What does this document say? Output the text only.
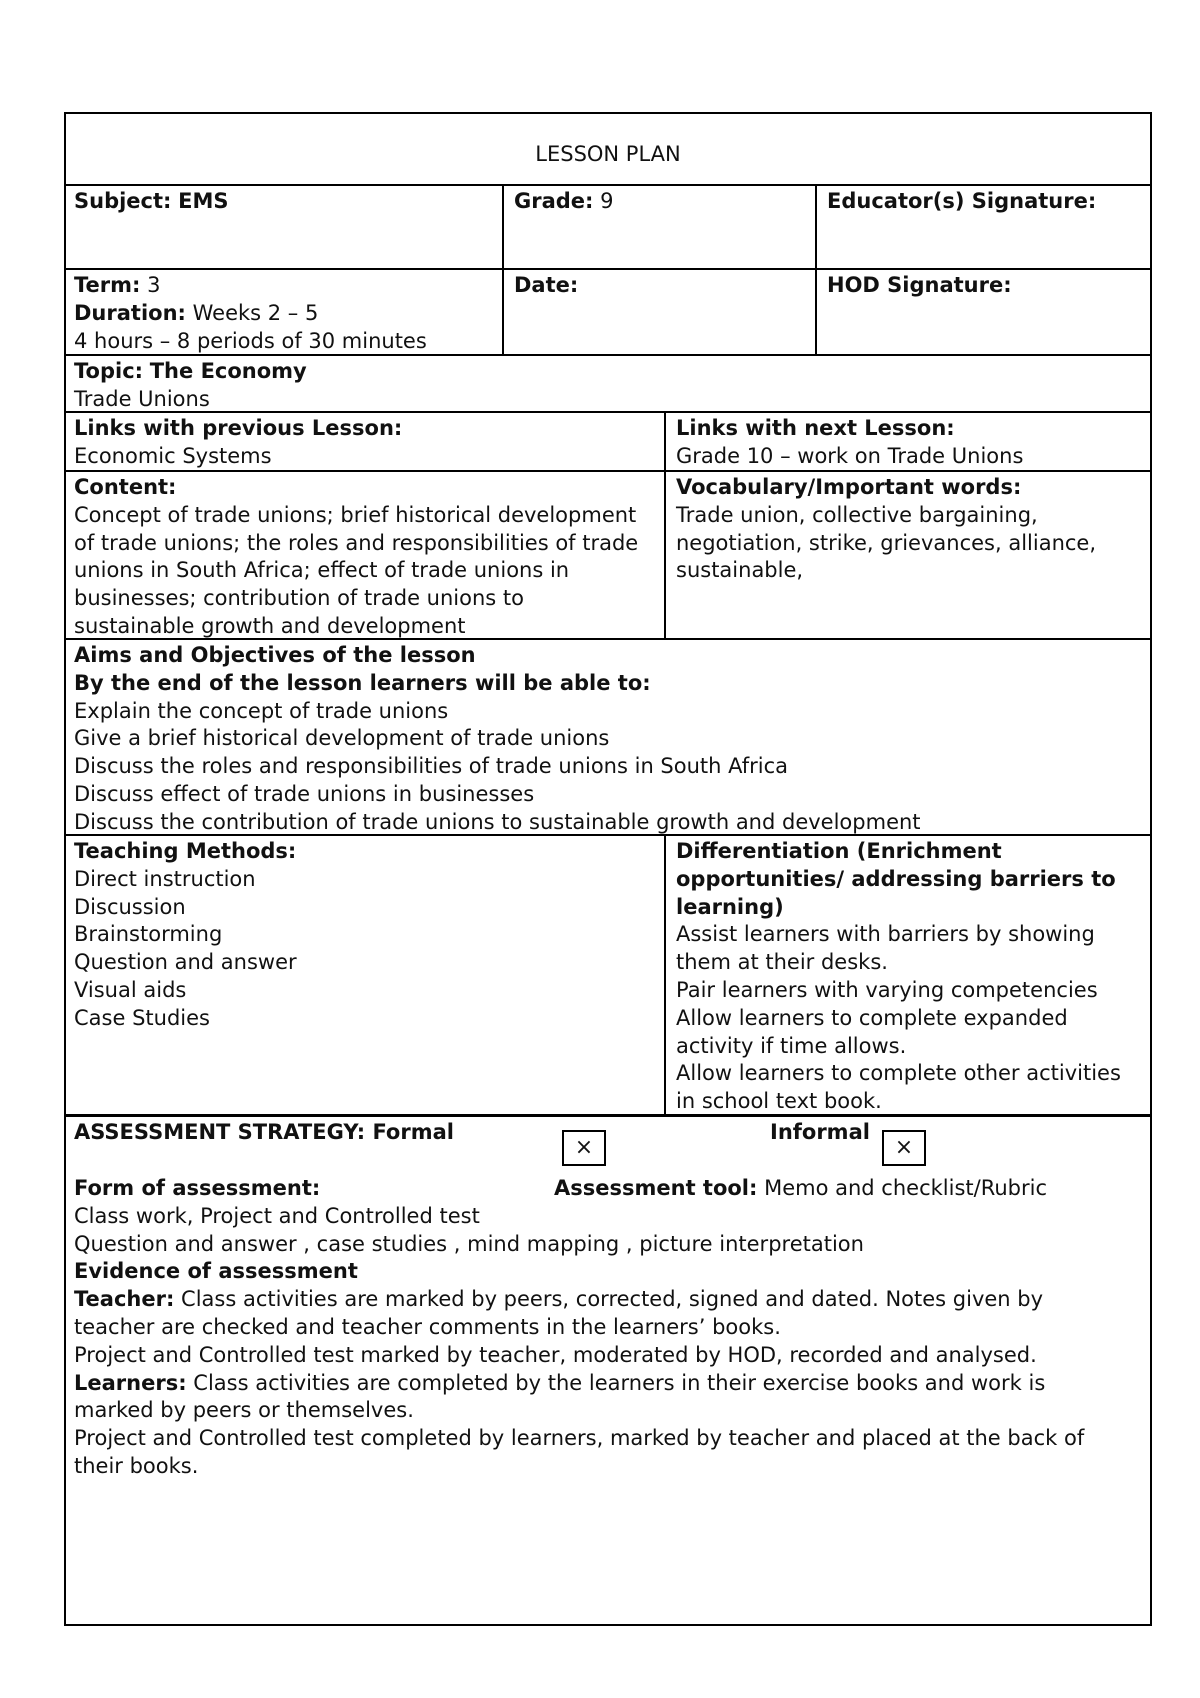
LESSON PLAN
Subject: EMS	Grade: 9	Educator(s) Signature:
Term: 3
Duration: Weeks 2 – 5
4 hours – 8 periods of 30 minutes
Date:	HOD Signature:
Topic: The Economy
Trade Unions
Links with previous Lesson:
Economic Systems
Links with next Lesson:
Grade 10 – work on Trade Unions
Content:
Concept of trade unions; brief historical development
of trade unions; the roles and responsibilities of trade
unions in South Africa; effect of trade unions in
businesses; contribution of trade unions to
sustainable growth and development
Vocabulary/Important words:
Trade union, collective bargaining,
negotiation, strike, grievances, alliance,
sustainable,
Aims and Objectives of the lesson
By the end of the lesson learners will be able to:
Explain the concept of trade unions
Give a brief historical development of trade unions
Discuss the roles and responsibilities of trade unions in South Africa
Discuss effect of trade unions in businesses
Discuss the contribution of trade unions to sustainable growth and development
Teaching Methods:
Direct instruction
Discussion
Brainstorming
Question and answer
Visual aids
Case Studies
Differentiation (Enrichment
opportunities/ addressing barriers to
learning)
Assist learners with barriers by showing
them at their desks.
Pair learners with varying competencies
Allow learners to complete expanded
activity if time allows.
Allow learners to complete other activities
in school text book.
ASSESSMENT STRATEGY: Formal
×
Informal
×
Form of assessment:	Assessment tool: Memo and checklist/Rubric
Class work, Project and Controlled test
Question and answer , case studies , mind mapping , picture interpretation
Evidence of assessment
Teacher: Class activities are marked by peers, corrected, signed and dated. Notes given by
teacher are checked and teacher comments in the learners’ books.
Project and Controlled test marked by teacher, moderated by HOD, recorded and analysed.
Learners: Class activities are completed by the learners in their exercise books and work is
marked by peers or themselves.
Project and Controlled test completed by learners, marked by teacher and placed at the back of
their books.
